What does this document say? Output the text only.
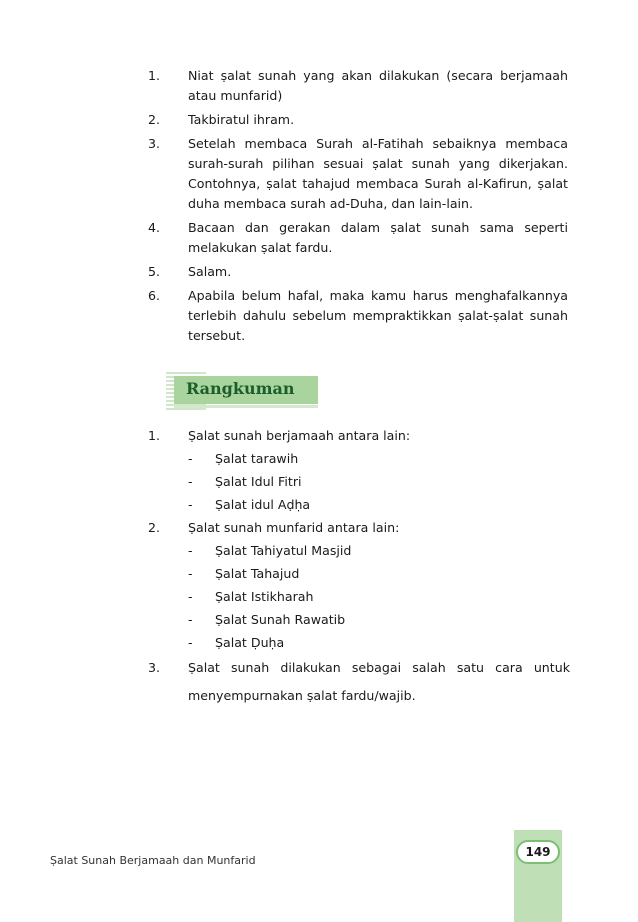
1. Niat ṣalat sunah yang akan dilakukan (secara berjamaah atau munfarid)
2. Takbiratul ihram.
3. Setelah membaca Surah al-Fatihah sebaiknya membaca surah-surah pilihan sesuai ṣalat sunah yang dikerjakan. Contohnya, ṣalat tahajud membaca Surah al-Kafirun, ṣalat duha membaca surah ad-Duha, dan lain-lain.
4. Bacaan dan gerakan dalam ṣalat sunah sama seperti melakukan ṣalat fardu.
5. Salam.
6. Apabila belum hafal, maka kamu harus menghafalkannya terlebih dahulu sebelum mempraktikkan ṣalat-ṣalat sunah tersebut.
Rangkuman
1. Ṣalat sunah berjamaah antara lain:
- Ṣalat tarawih
- Ṣalat Idul Fitri
- Ṣalat idul Aḍḥa
2. Ṣalat sunah munfarid antara lain:
- Ṣalat Tahiyatul Masjid
- Ṣalat Tahajud
- Ṣalat Istikharah
- Ṣalat Sunah Rawatib
- Ṣalat Ḍuḥa
3. Ṣalat sunah dilakukan sebagai salah satu cara untuk menyempurnakan ṣalat fardu/wajib.
Ṣalat Sunah Berjamaah dan Munfarid
149
